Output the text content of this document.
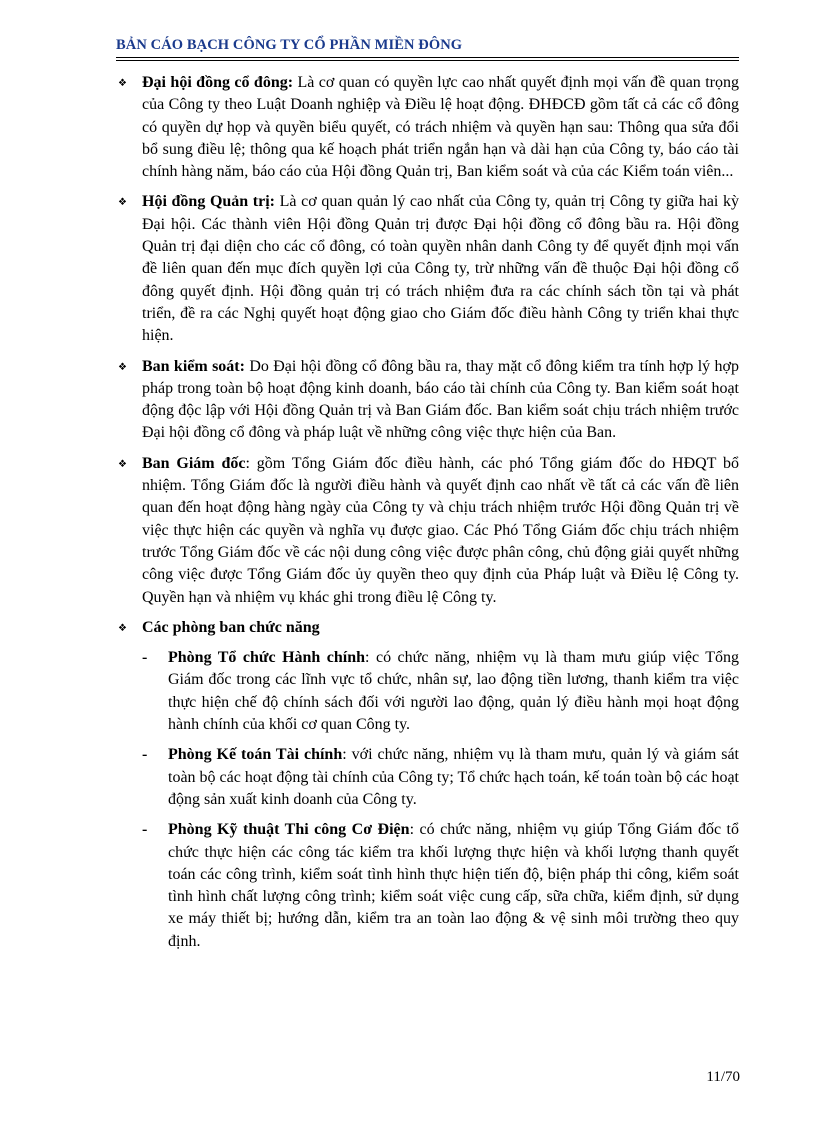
BẢN CÁO BẠCH CÔNG TY CỔ PHẦN MIỀN ĐÔNG
❖ Đại hội đồng cổ đông: Là cơ quan có quyền lực cao nhất quyết định mọi vấn đề quan trọng của Công ty theo Luật Doanh nghiệp và Điều lệ hoạt động. ĐHĐCĐ gồm tất cả các cổ đông có quyền dự họp và quyền biểu quyết, có trách nhiệm và quyền hạn sau: Thông qua sửa đổi bổ sung điều lệ; thông qua kế hoạch phát triển ngắn hạn và dài hạn của Công ty, báo cáo tài chính hàng năm, báo cáo của Hội đồng Quản trị, Ban kiểm soát và của các Kiểm toán viên...
❖ Hội đồng Quản trị: Là cơ quan quản lý cao nhất của Công ty, quản trị Công ty giữa hai kỳ Đại hội. Các thành viên Hội đồng Quản trị được Đại hội đồng cổ đông bầu ra. Hội đồng Quản trị đại diện cho các cổ đông, có toàn quyền nhân danh Công ty để quyết định mọi vấn đề liên quan đến mục đích quyền lợi của Công ty, trừ những vấn đề thuộc Đại hội đồng cổ đông quyết định. Hội đồng quản trị có trách nhiệm đưa ra các chính sách tồn tại và phát triển, đề ra các Nghị quyết hoạt động giao cho Giám đốc điều hành Công ty triển khai thực hiện.
❖ Ban kiểm soát: Do Đại hội đồng cổ đông bầu ra, thay mặt cổ đông kiểm tra tính hợp lý hợp pháp trong toàn bộ hoạt động kinh doanh, báo cáo tài chính của Công ty. Ban kiểm soát hoạt động độc lập với Hội đồng Quản trị và Ban Giám đốc. Ban kiểm soát chịu trách nhiệm trước Đại hội đồng cổ đông và pháp luật về những công việc thực hiện của Ban.
❖ Ban Giám đốc: gồm Tổng Giám đốc điều hành, các phó Tổng giám đốc do HĐQT bổ nhiệm. Tổng Giám đốc là người điều hành và quyết định cao nhất về tất cả các vấn đề liên quan đến hoạt động hàng ngày của Công ty và chịu trách nhiệm trước Hội đồng Quản trị về việc thực hiện các quyền và nghĩa vụ được giao. Các Phó Tổng Giám đốc chịu trách nhiệm trước Tổng Giám đốc về các nội dung công việc được phân công, chủ động giải quyết những công việc được Tổng Giám đốc ủy quyền theo quy định của Pháp luật và Điều lệ Công ty. Quyền hạn và nhiệm vụ khác ghi trong điều lệ Công ty.
❖ Các phòng ban chức năng
- Phòng Tổ chức Hành chính: có chức năng, nhiệm vụ là tham mưu giúp việc Tổng Giám đốc trong các lĩnh vực tổ chức, nhân sự, lao động tiền lương, thanh kiểm tra việc thực hiện chế độ chính sách đối với người lao động, quản lý điều hành mọi hoạt động hành chính của khối cơ quan Công ty.
- Phòng Kế toán Tài chính: với chức năng, nhiệm vụ là tham mưu, quản lý và giám sát toàn bộ các hoạt động tài chính của Công ty; Tổ chức hạch toán, kế toán toàn bộ các hoạt động sản xuất kinh doanh của Công ty.
- Phòng Kỹ thuật Thi công Cơ Điện: có chức năng, nhiệm vụ giúp Tổng Giám đốc tổ chức thực hiện các công tác kiểm tra khối lượng thực hiện và khối lượng thanh quyết toán các công trình, kiểm soát tình hình thực hiện tiến độ, biện pháp thi công, kiểm soát tình hình chất lượng công trình; kiểm soát việc cung cấp, sữa chữa, kiểm định, sử dụng xe máy thiết bị; hướng dẫn, kiểm tra an toàn lao động & vệ sinh môi trường theo quy định.
11/70
